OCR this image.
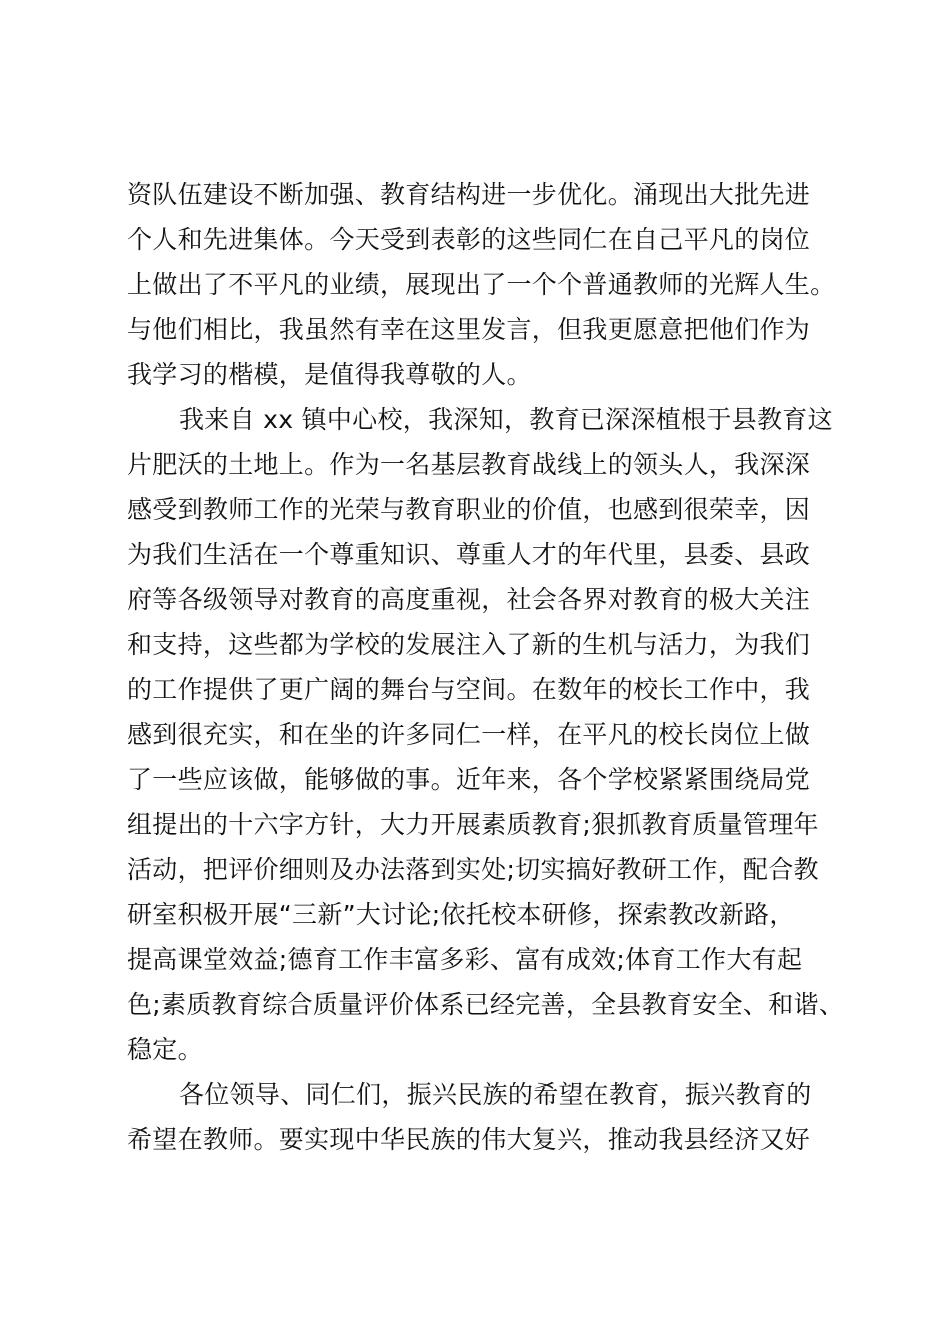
资队伍建设不断加强、教育结构进一步优化。涌现出大批先进
个人和先进集体。今天受到表彰的这些同仁在自己平凡的岗位
上做出了不平凡的业绩，展现出了一个个普通教师的光辉人生。
与他们相比，我虽然有幸在这里发言，但我更愿意把他们作为
我学习的楷模，是值得我尊敬的人。
我来自 xx 镇中心校，我深知，教育已深深植根于县教育这
片肥沃的土地上。作为一名基层教育战线上的领头人，我深深
感受到教师工作的光荣与教育职业的价值，也感到很荣幸，因
为我们生活在一个尊重知识、尊重人才的年代里，县委、县政
府等各级领导对教育的高度重视，社会各界对教育的极大关注
和支持，这些都为学校的发展注入了新的生机与活力，为我们
的工作提供了更广阔的舞台与空间。在数年的校长工作中，我
感到很充实，和在坐的许多同仁一样，在平凡的校长岗位上做
了一些应该做，能够做的事。近年来，各个学校紧紧围绕局党
组提出的十六字方针，大力开展素质教育;狠抓教育质量管理年
活动，把评价细则及办法落到实处;切实搞好教研工作，配合教
研室积极开展“三新”大讨论;依托校本研修，探索教改新路，
提高课堂效益;德育工作丰富多彩、富有成效;体育工作大有起
色;素质教育综合质量评价体系已经完善，全县教育安全、和谐、
稳定。
各位领导、同仁们，振兴民族的希望在教育，振兴教育的
希望在教师。要实现中华民族的伟大复兴，推动我县经济又好
